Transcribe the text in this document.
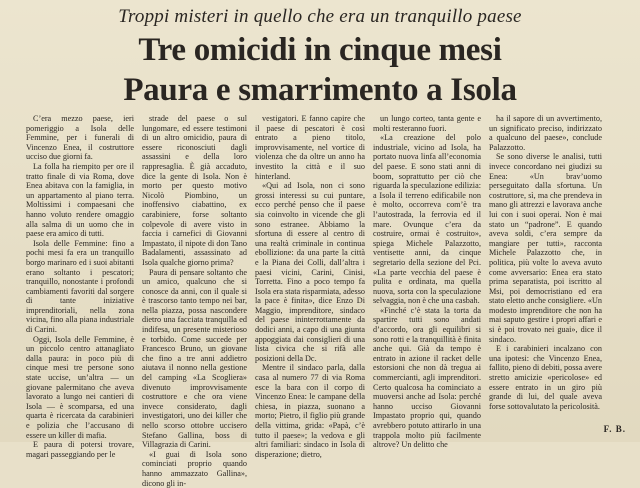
Troppi misteri in quello che era un tranquillo paese
Tre omicidi in cinque mesi
Paura e smarrimento a Isola

C’era mezzo paese, ieri pomeriggio a Isola delle Femmine, per i funerali di Vincenzo Enea, il costruttore ucciso due giorni fa.

La folla ha riempito per ore il tratto finale di via Roma, dove Enea abitava con la famiglia, in un appartamento al piano terra. Moltissimi i compaesani che hanno voluto rendere omaggio alla salma di un uomo che in paese era amico di tutti.

Isola delle Femmine: fino a pochi mesi fa era un tranquillo borgo marinaro ed i suoi abitanti erano soltanto i pescatori; tranquillo, nonostante i profondi cambiamenti favoriti dal sorgere di tante iniziative imprenditoriali, nella zona vicina, fino alla piana industriale di Carini.

Oggi, Isola delle Femmine, è un piccolo centro attanagliato dalla paura: in poco più di cinque mesi tre persone sono state uccise, un’altra — un giovane palermitano che aveva lavorato a lungo nei cantieri di Isola — è scomparsa, ed una quarta è ricercata da carabinieri e polizia che l’accusano di essere un killer di mafia.

E paura di potersi trovare, magari passeggiando per le

strade del paese o sul lungomare, ed essere testimoni di un altro omicidio, paura di essere riconosciuti dagli assassini e della loro rappresaglia. È già accaduto, dice la gente di Isola. Non è morto per questo motivo Nicolò Piombino, un inoffensivo ciabattino, ex carabiniere, forse soltanto colpevole di avere visto in faccia i carnefici di Giovanni Impastato, il nipote di don Tano Badalamenti, assassinato ad Isola qualche giorno prima?

Paura di pensare soltanto che un amico, qualcuno che si conosce da anni, con il quale si è trascorso tanto tempo nei bar, nella piazza, possa nascondere dietro una facciata tranquilla ed indifesa, un presente misterioso e torbido. Come succede per Francesco Bruno, un giovane che fino a tre anni addietro aiutava il nonno nella gestione del camping «La Scogliera» divenuto improvvisamente costruttore e che ora viene invece considerato, dagli investigatori, uno dei killer che nello scorso ottobre uccisero Stefano Gallina, boss di Villagrazia di Carini.

«I guai di Isola sono cominciati proprio quando hanno ammazzato Gallina», dicono gli in-

vestigatori. E fanno capire che il paese di pescatori è così entrato a pieno titolo, improvvisamente, nel vortice di violenza che da oltre un anno ha investito la città e il suo hinterland.

«Qui ad Isola, non ci sono grossi interessi su cui puntare, ecco perché penso che il paese sia coinvolto in vicende che gli sono estranee. Abbiamo la sfortuna di essere al centro di una realtà criminale in continua ebollizione: da una parte la città e la Piana dei Colli, dall’altra i paesi vicini, Carini, Cinisi, Torretta. Fino a poco tempo fa Isola era stata risparmiata, adesso la pace è finita», dice Enzo Di Maggio, imprenditore, sindaco del paese ininterrottamente da dodici anni, a capo di una giunta appoggiata dai consiglieri di una lista civica che si rifà alle posizioni della Dc.

Mentre il sindaco parla, dalla casa al numero 77 di via Roma esce la bara con il corpo di Vincenzo Enea: le campane della chiesa, in piazza, suonano a morto; Pietro, il figlio più grande della vittima, grida: «Papà, c’è tutto il paese»; la vedova e gli altri familiari: sindaco in Isola di disperazione; dietro,

un lungo corteo, tanta gente e molti resteranno fuori.

«La creazione del polo industriale, vicino ad Isola, ha portato nuova linfa all’economia del paese. E sono stati anni di boom, soprattutto per ciò che riguarda la speculazione edilizia: a Isola il terreno edificabile non è molto, occorreva com’è tra l’autostrada, la ferrovia ed il mare. Ovunque c’era da costruire, ormai è costruito», spiega Michele Palazzotto, ventisette anni, da cinque segretario della sezione del Pci. «La parte vecchia del paese è pulita e ordinata, ma quella nuova, sorta con la speculazione selvaggia, non è che una casbah.

«Finché c’è stata la torta da spartire tutti sono andati d’accordo, ora gli equilibri si sono rotti e la tranquillità è finita anche qui. Già da tempo è entrato in azione il racket delle estorsioni che non dà tregua ai commercianti, agli imprenditori. Certo qualcosa ha cominciato a muoversi anche ad Isola: perché hanno ucciso Giovanni Impastato proprio qui, quando avrebbero potuto attirarlo in una trappola molto più facilmente altrove? Un delitto che

ha il sapore di un avvertimento, un significato preciso, indirizzato a qualcuno del paese», conclude Palazzotto.

Se sono diverse le analisi, tutti invece concordano nei giudizi su Enea: «Un bravʼuomo perseguitato dalla sfortuna. Un costruttore, sì, ma che prendeva in mano gli attrezzi e lavorava anche lui con i suoi operai. Non è mai stato un “padrone”. E quando aveva soldi, c’era sempre da mangiare per tutti», racconta Michele Palazzotto che, in politica, più volte lo aveva avuto come avversario: Enea era stato prima separatista, poi iscritto al Msi, poi democristiano ed era stato eletto anche consigliere. «Un modesto imprenditore che non ha mai saputo gestire i propri affari e si è poi trovato nei guai», dice il sindaco.

E i carabinieri incalzano con una ipotesi: che Vincenzo Enea, fallito, pieno di debiti, possa avere stretto amicizie «pericolose» ed essere entrato in un giro più grande di lui, del quale aveva forse sottovalutato la pericolosità.

F. B.
